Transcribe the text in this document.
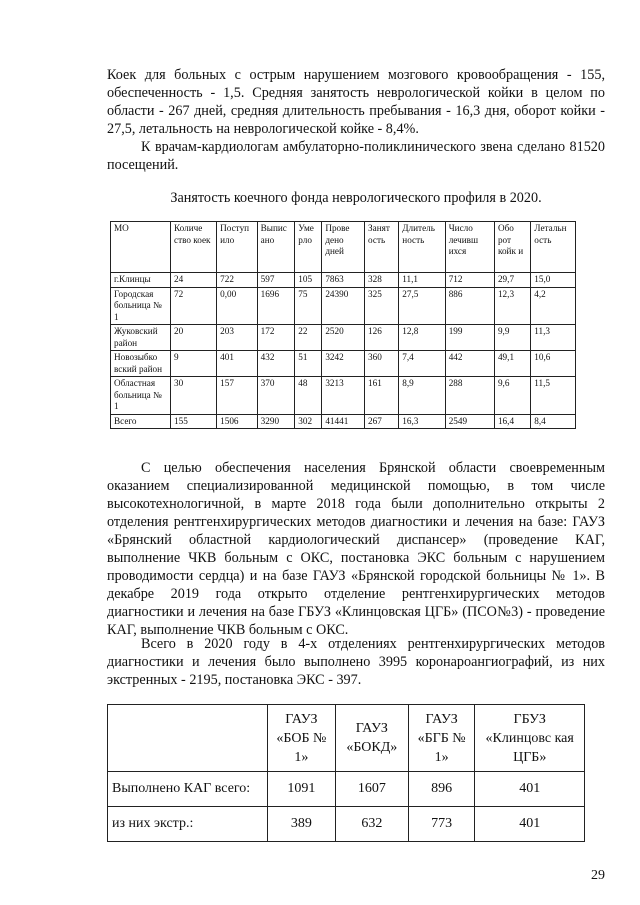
Коек для больных с острым нарушением мозгового кровообращения - 155, обеспеченность - 1,5. Средняя занятость неврологической койки в целом по области - 267 дней, средняя длительность пребывания - 16,3 дня, оборот койки - 27,5, летальность на неврологической койке - 8,4%.

К врачам-кардиологам амбулаторно-поликлинического звена сделано 81520 посещений.

Занятость коечного фонда неврологического профиля в 2020.

МО	Количе ство коек	Поступ ило	Выпис ано	Уме рло	Прове дено дней	Занят ость	Длитель ность	Число лечивш ихся	Обо рот койк и	Летальн ость
г.Клинцы	24	722	597	105	7863	328	11,1	712	29,7	15,0
Городская больница № 1	72	0,00	1696	75	24390	325	27,5	886	12,3	4,2
Жуковский район	20	203	172	22	2520	126	12,8	199	9,9	11,3
Новозыбко вский район	9	401	432	51	3242	360	7,4	442	49,1	10,6
Областная больница № 1	30	157	370	48	3213	161	8,9	288	9,6	11,5
Всего	155	1506	3290	302	41441	267	16,3	2549	16,4	8,4

С целью обеспечения населения Брянской области своевременным оказанием специализированной медицинской помощью, в том числе высокотехнологичной, в марте 2018 года были дополнительно открыты 2 отделения рентгенхирургических методов диагностики и лечения на базе: ГАУЗ «Брянский областной кардиологический диспансер» (проведение КАГ, выполнение ЧКВ больным с ОКС, постановка ЭКС больным с нарушением проводимости сердца) и на базе ГАУЗ «Брянской городской больницы № 1». В декабре 2019 года открыто отделение рентгенхирургических методов диагностики и лечения на базе ГБУЗ «Клинцовская ЦГБ» (ПСО№3) - проведение КАГ, выполнение ЧКВ больным с ОКС.

Всего в 2020 году в 4-х отделениях рентгенхирургических методов диагностики и лечения было выполнено 3995 коронароангиографий, из них экстренных - 2195, постановка ЭКС - 397.

	ГАУЗ «БОБ № 1»	ГАУЗ «БОКД»	ГАУЗ «БГБ № 1»	ГБУЗ «Клинцовс кая ЦГБ»
Выполнено КАГ всего:	1091	1607	896	401
из них экстр.:	389	632	773	401

29
